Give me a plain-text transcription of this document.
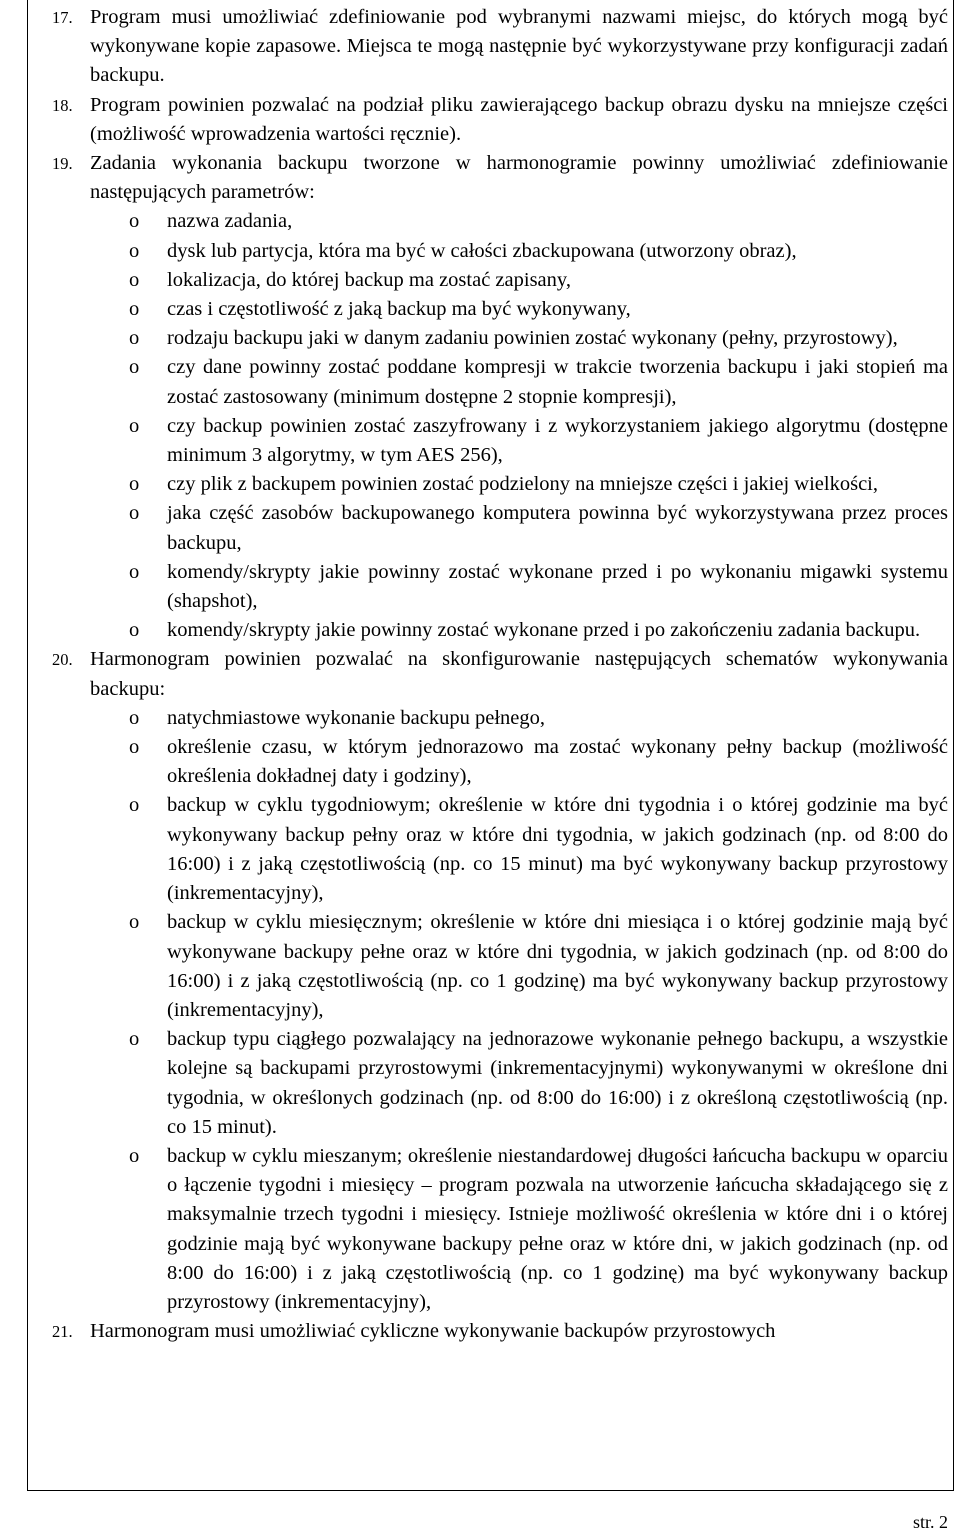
17. Program musi umożliwiać zdefiniowanie pod wybranymi nazwami miejsc, do których mogą być wykonywane kopie zapasowe. Miejsca te mogą następnie być wykorzystywane przy konfiguracji zadań backupu.
18. Program powinien pozwalać na podział pliku zawierającego backup obrazu dysku na mniejsze części (możliwość wprowadzenia wartości ręcznie).
19. Zadania wykonania backupu tworzone w harmonogramie powinny umożliwiać zdefiniowanie następujących parametrów:
o nazwa zadania,
o dysk lub partycja, która ma być w całości zbackupowana (utworzony obraz),
o lokalizacja, do której backup ma zostać zapisany,
o czas i częstotliwość z jaką backup ma być wykonywany,
o rodzaju backupu jaki w danym zadaniu powinien zostać wykonany (pełny, przyrostowy),
o czy dane powinny zostać poddane kompresji w trakcie tworzenia backupu i jaki stopień ma zostać zastosowany (minimum dostępne 2 stopnie kompresji),
o czy backup powinien zostać zaszyfrowany i z wykorzystaniem jakiego algorytmu (dostępne minimum 3 algorytmy, w tym AES 256),
o czy plik z backupem powinien zostać podzielony na mniejsze części i jakiej wielkości,
o jaka część zasobów backupowanego komputera powinna być wykorzystywana przez proces backupu,
o komendy/skrypty jakie powinny zostać wykonane przed i po wykonaniu migawki systemu (shapshot),
o komendy/skrypty jakie powinny zostać wykonane przed i po zakończeniu zadania backupu.
20. Harmonogram powinien pozwalać na skonfigurowanie następujących schematów wykonywania backupu:
o natychmiastowe wykonanie backupu pełnego,
o określenie czasu, w którym jednorazowo ma zostać wykonany pełny backup (możliwość określenia dokładnej daty i godziny),
o backup w cyklu tygodniowym; określenie w które dni tygodnia i o której godzinie ma być wykonywany backup pełny oraz w które dni tygodnia, w jakich godzinach (np. od 8:00 do 16:00) i z jaką częstotliwością (np. co 15 minut) ma być wykonywany backup przyrostowy (inkrementacyjny),
o backup w cyklu miesięcznym; określenie w które dni miesiąca i o której godzinie mają być wykonywane backupy pełne oraz w które dni tygodnia, w jakich godzinach (np. od 8:00 do 16:00) i z jaką częstotliwością (np. co 1 godzinę) ma być wykonywany backup przyrostowy (inkrementacyjny),
o backup typu ciągłego pozwalający na jednorazowe wykonanie pełnego backupu, a wszystkie kolejne są backupami przyrostowymi (inkrementacyjnymi) wykonywanymi w określone dni tygodnia, w określonych godzinach (np. od 8:00 do 16:00) i z określoną częstotliwością (np. co 15 minut).
o backup w cyklu mieszanym; określenie niestandardowej długości łańcucha backupu w oparciu o łączenie tygodni i miesięcy – program pozwala na utworzenie łańcucha składającego się z maksymalnie trzech tygodni i miesięcy. Istnieje możliwość określenia w które dni i o której godzinie mają być wykonywane backupy pełne oraz w które dni, w jakich godzinach (np. od 8:00 do 16:00) i z jaką częstotliwością (np. co 1 godzinę) ma być wykonywany backup przyrostowy (inkrementacyjny),
21. Harmonogram musi umożliwiać cykliczne wykonywanie backupów przyrostowych
str. 2
